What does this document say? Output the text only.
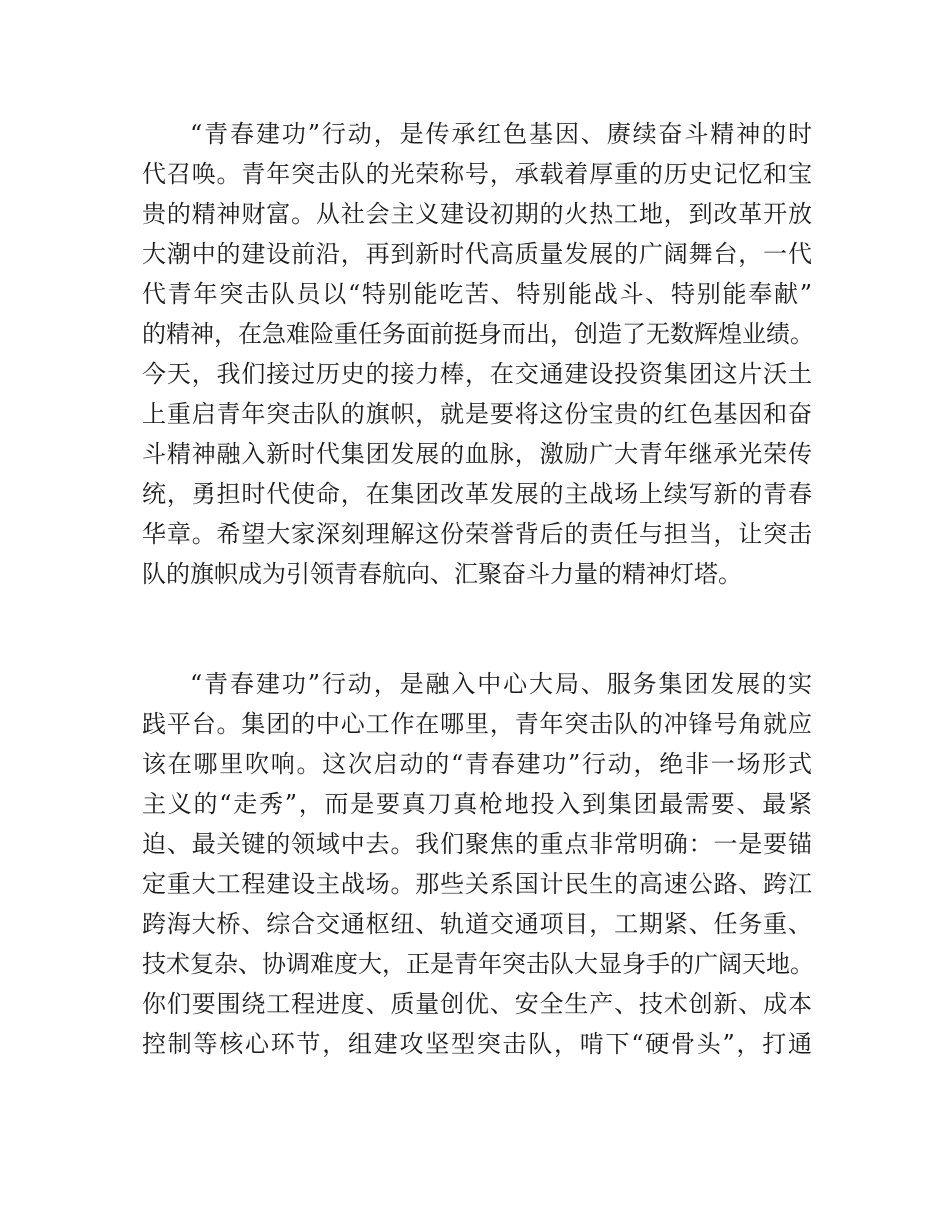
“青春建功”行动，是传承红色基因、赓续奋斗精神的时
代召唤。青年突击队的光荣称号，承载着厚重的历史记忆和宝
贵的精神财富。从社会主义建设初期的火热工地，到改革开放
大潮中的建设前沿，再到新时代高质量发展的广阔舞台，一代
代青年突击队员以“特别能吃苦、特别能战斗、特别能奉献”
的精神，在急难险重任务面前挺身而出，创造了无数辉煌业绩。
今天，我们接过历史的接力棒，在交通建设投资集团这片沃土
上重启青年突击队的旗帜，就是要将这份宝贵的红色基因和奋
斗精神融入新时代集团发展的血脉，激励广大青年继承光荣传
统，勇担时代使命，在集团改革发展的主战场上续写新的青春
华章。希望大家深刻理解这份荣誉背后的责任与担当，让突击
队的旗帜成为引领青春航向、汇聚奋斗力量的精神灯塔。
“青春建功”行动，是融入中心大局、服务集团发展的实
践平台。集团的中心工作在哪里，青年突击队的冲锋号角就应
该在哪里吹响。这次启动的“青春建功”行动，绝非一场形式
主义的“走秀”，而是要真刀真枪地投入到集团最需要、最紧
迫、最关键的领域中去。我们聚焦的重点非常明确：一是要锚
定重大工程建设主战场。那些关系国计民生的高速公路、跨江
跨海大桥、综合交通枢纽、轨道交通项目，工期紧、任务重、
技术复杂、协调难度大，正是青年突击队大显身手的广阔天地。
你们要围绕工程进度、质量创优、安全生产、技术创新、成本
控制等核心环节，组建攻坚型突击队，啃下“硬骨头”，打通
